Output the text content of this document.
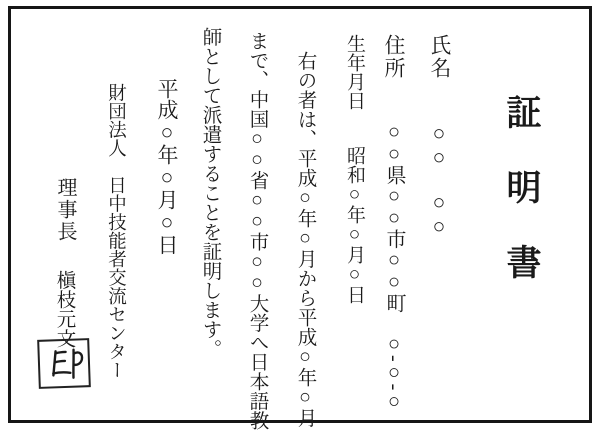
証明書
氏名
○○　○○
住所
○○県○○市○○町　○-○-○
生年月日
昭和○年○月○日
右の者は、平成○年○月から平成○年○月
まで、中国○○省○○市○○大学へ日本語教
師として派遣することを証明します。
平成○年○月○日
財団法人　日中技能者交流センター
理事長
槇枝元文
